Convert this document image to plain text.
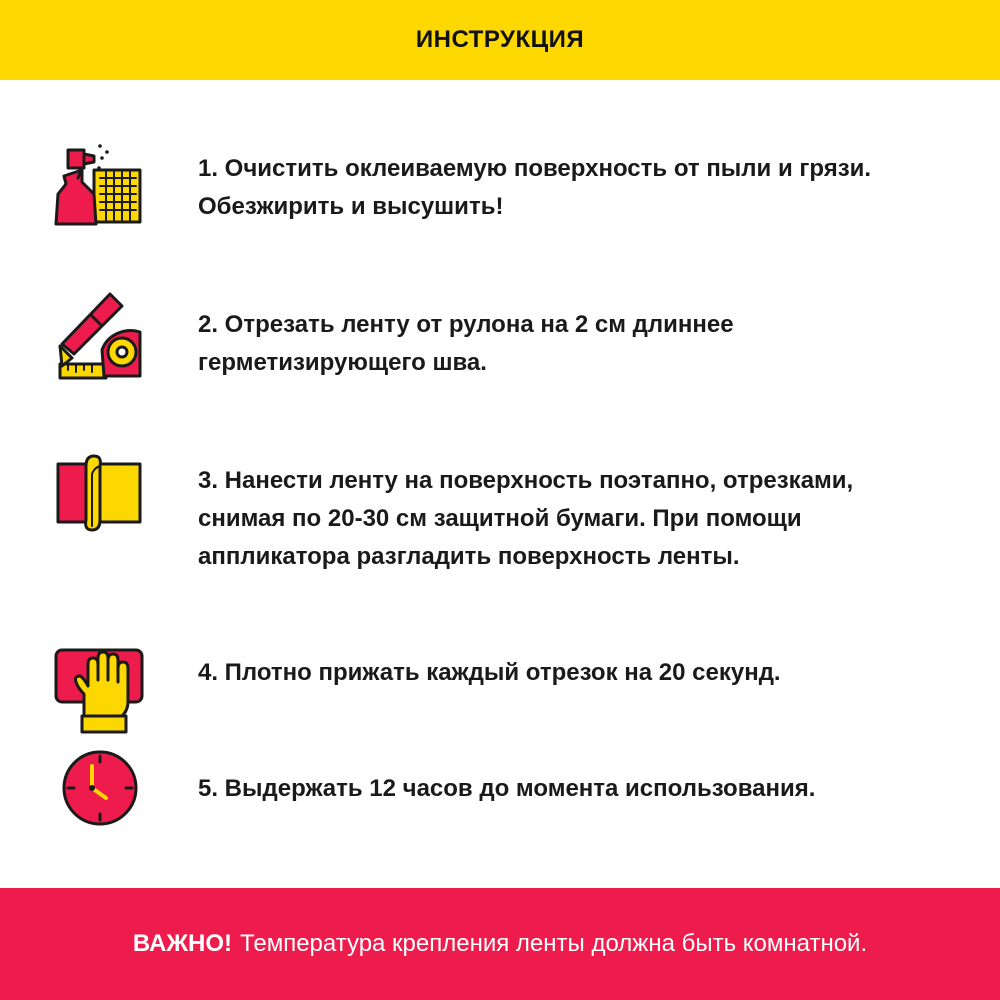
ИНСТРУКЦИЯ
1. Очистить оклеиваемую поверхность от пыли и грязи.
Обезжирить и высушить!
2. Отрезать ленту от рулона на 2 см длиннее
герметизирующего шва.
3. Нанести ленту на поверхность поэтапно, отрезками,
снимая по 20-30 см защитной бумаги. При помощи
аппликатора разгладить поверхность ленты.
4. Плотно прижать каждый отрезок на 20 секунд.
5. Выдержать 12 часов до момента использования.
ВАЖНО! Температура крепления ленты должна быть комнатной.
